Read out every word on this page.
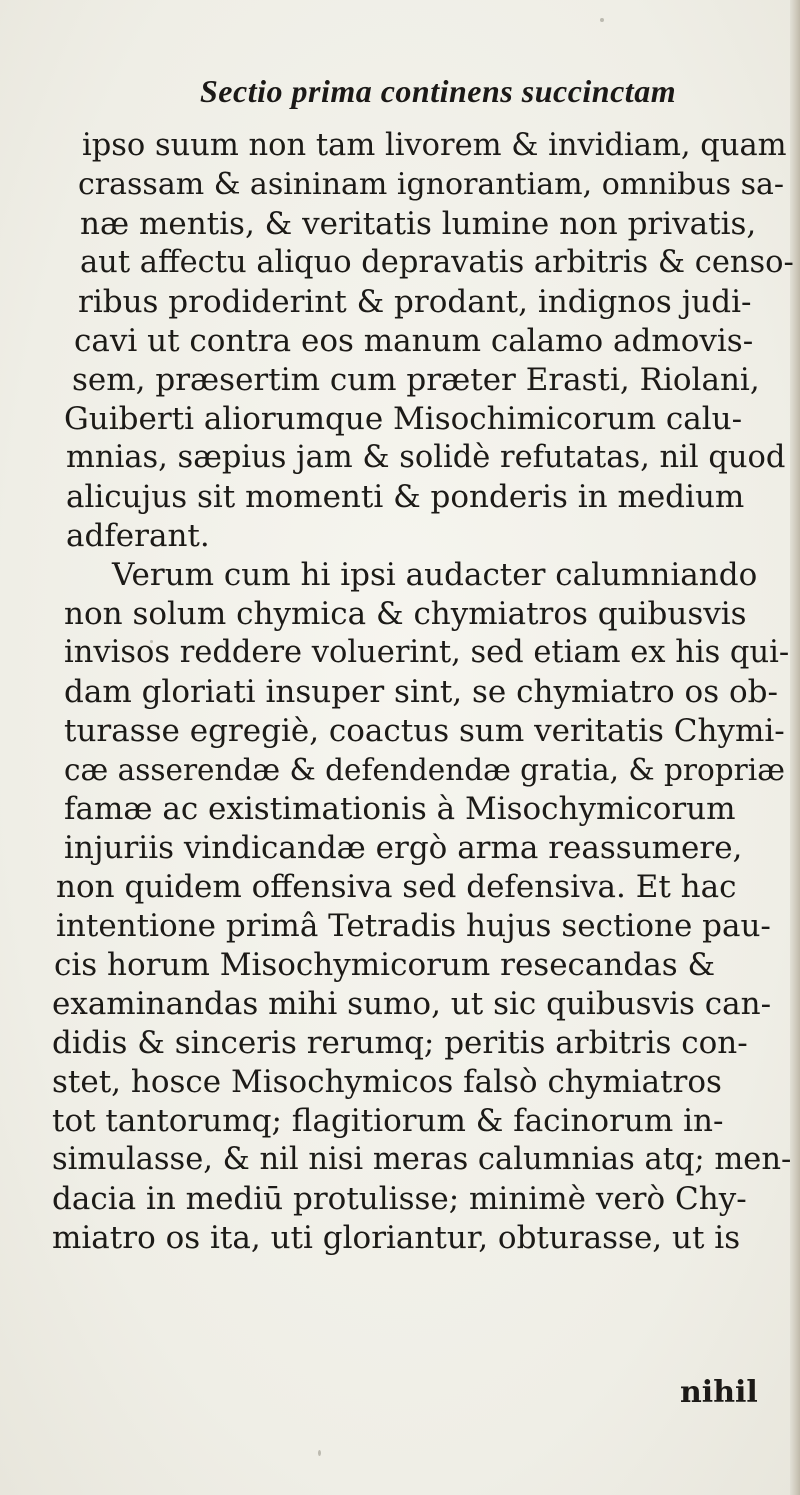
Sectio prima continens succinctam
ipso suum non tam livorem & invidiam, quam
crassam & asininam ignorantiam, omnibus sa-
næ mentis, & veritatis lumine non privatis,
aut affectu aliquo depravatis arbitris & censo-
ribus prodiderint & prodant, indignos judi-
cavi ut contra eos manum calamo admovis-
sem, præsertim cum præter Erasti, Riolani,
Guiberti aliorumque Misochimicorum calu-
mnias, sæpius jam & solidè refutatas, nil quod
alicujus sit momenti & ponderis in medium
adferant.
Verum cum hi ipsi audacter calumniando
non solum chymica & chymiatros quibusvis
invisos reddere voluerint, sed etiam ex his qui-
dam gloriati insuper sint, se chymiatro os ob-
turasse egregiè, coactus sum veritatis Chymi-
cæ asserendæ & defendendæ gratia, & propriæ
famæ ac existimationis à Misochymicorum
injuriis vindicandæ ergò arma reassumere,
non quidem offensiva sed defensiva. Et hac
intentione primâ Tetradis hujus sectione pau-
cis horum Misochymicorum resecandas &
examinandas mihi sumo, ut sic quibusvis can-
didis & sinceris rerumq; peritis arbitris con-
stet, hosce Misochymicos falsò chymiatros
tot tantorumq; flagitiorum & facinorum in-
simulasse, & nil nisi meras calumnias atq; men-
dacia in mediū protulisse; minimè verò Chy-
miatro os ita, uti gloriantur, obturasse, ut is
nihil
